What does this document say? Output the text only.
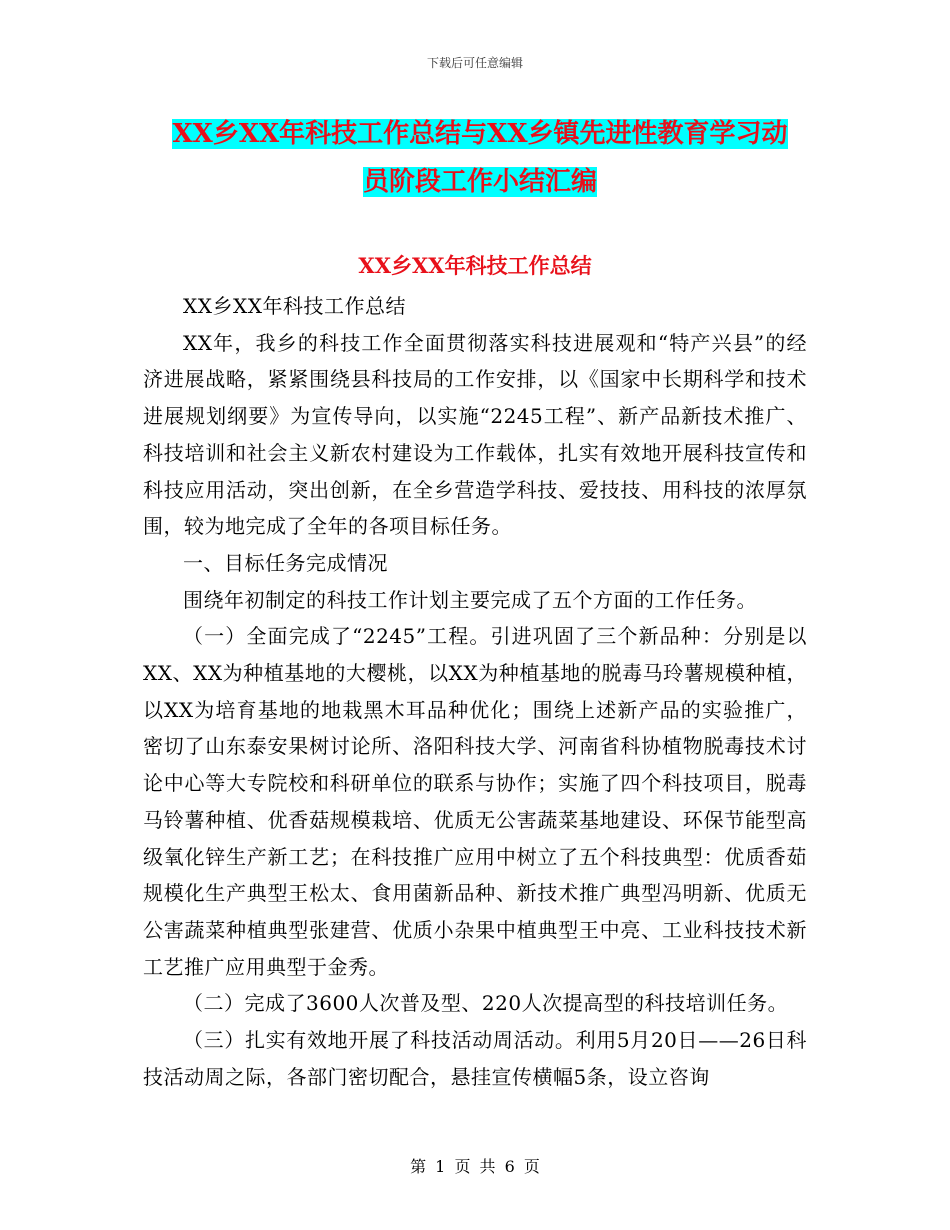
下载后可任意编辑
XX乡XX年科技工作总结与XX乡镇先进性教育学习动
员阶段工作小结汇编
XX乡XX年科技工作总结

XX乡XX年科技工作总结

XX年，我乡的科技工作全面贯彻落实科技进展观和“特产兴县”的经济进展战略，紧紧围绕县科技局的工作安排，以《国家中长期科学和技术进展规划纲要》为宣传导向，以实施“2245工程”、新产品新技术推广、科技培训和社会主义新农村建设为工作载体，扎实有效地开展科技宣传和科技应用活动，突出创新，在全乡营造学科技、爱技技、用科技的浓厚氛围，较为地完成了全年的各项目标任务。

一、目标任务完成情况

围绕年初制定的科技工作计划主要完成了五个方面的工作任务。

（一）全面完成了“2245”工程。引进巩固了三个新品种：分别是以XX、XX为种植基地的大樱桃，以XX为种植基地的脱毒马玲薯规模种植，以XX为培育基地的地栽黑木耳品种优化；围绕上述新产品的实验推广，密切了山东泰安果树讨论所、洛阳科技大学、河南省科协植物脱毒技术讨论中心等大专院校和科研单位的联系与协作；实施了四个科技项目，脱毒马铃薯种植、优香菇规模栽培、优质无公害蔬菜基地建设、环保节能型高级氧化锌生产新工艺；在科技推广应用中树立了五个科技典型：优质香茹规模化生产典型王松太、食用菌新品种、新技术推广典型冯明新、优质无公害蔬菜种植典型张建营、优质小杂果中植典型王中亮、工业科技技术新工艺推广应用典型于金秀。

（二）完成了3600人次普及型、220人次提高型的科技培训任务。

（三）扎实有效地开展了科技活动周活动。利用5月20日——26日科技活动周之际，各部门密切配合，悬挂宣传横幅5条，设立咨询

第 1 页 共 6 页
